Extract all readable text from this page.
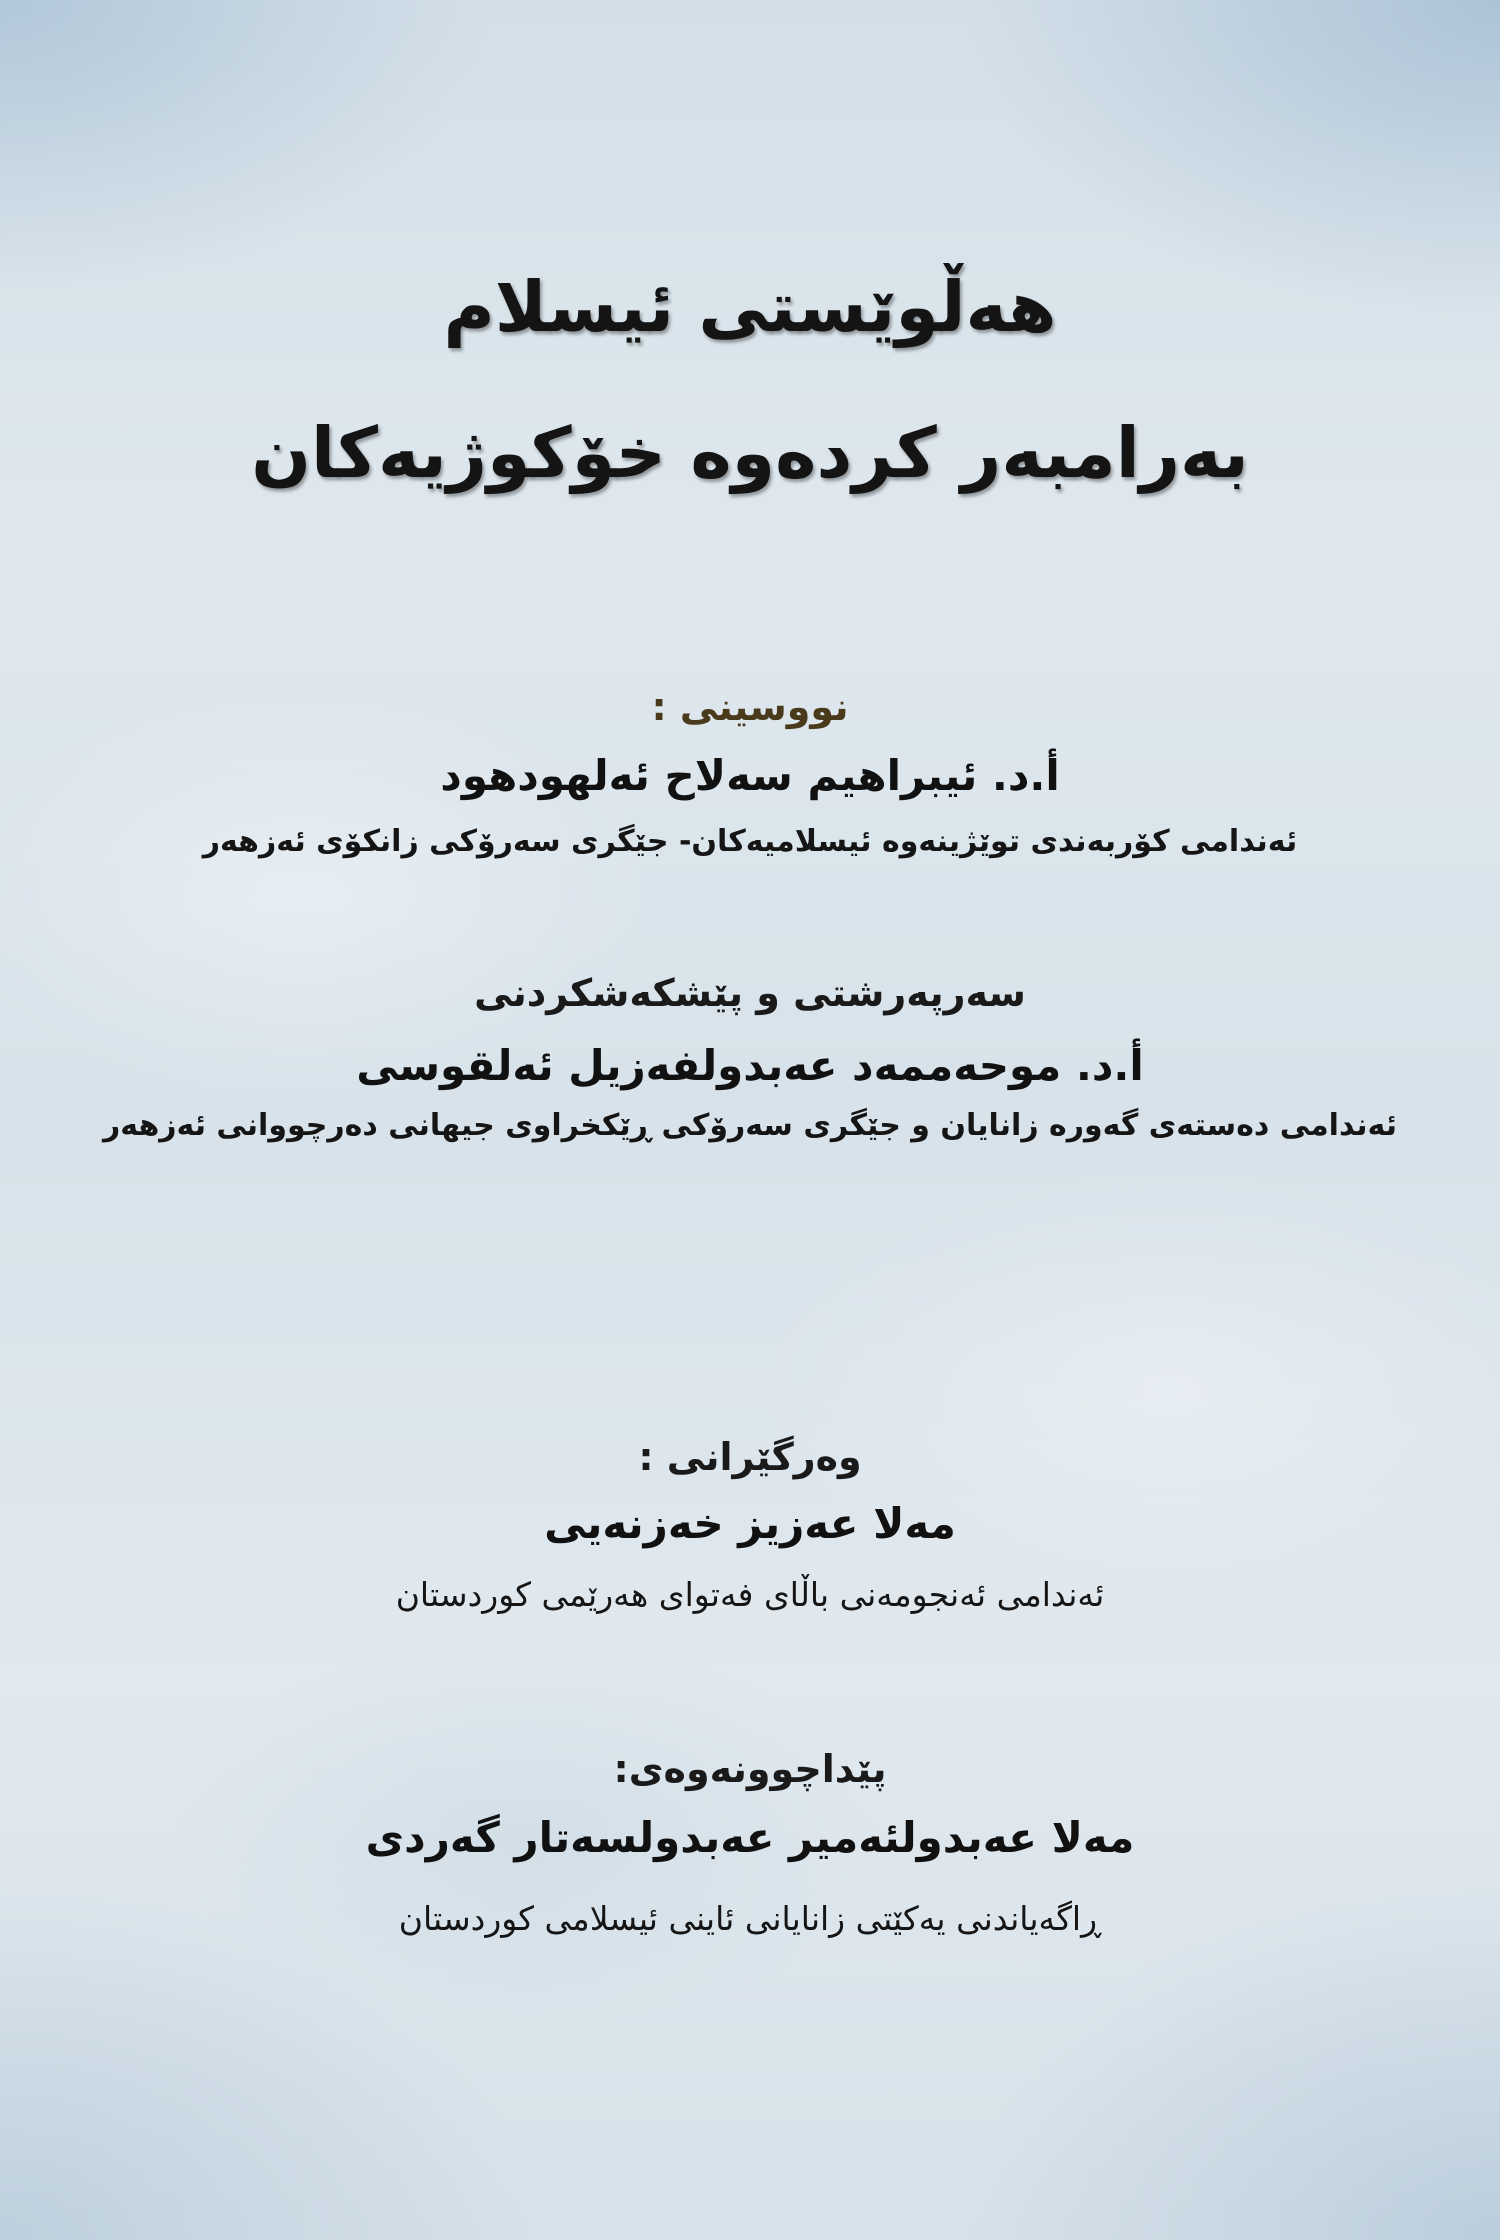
هەڵوێستی ئیسلام
بەرامبەر کردەوە خۆکوژیەکان
نووسینی :
أ.د. ئیبراهیم سەلاح ئەلهودهود
ئەندامی کۆربەندی توێژینەوە ئیسلامیەکان- جێگری سەرۆکی زانکۆی ئەزهەر
سەرپەرشتی و پێشکەشکردنی
أ.د. موحەممەد عەبدولفەزیل ئەلقوسی
ئەندامی دەستەی گەورە زانایان و جێگری سەرۆکی ڕێکخراوی جیهانی دەرچووانی ئەزهەر
وەرگێرانی :
مەلا عەزیز خەزنەیی
ئەندامی ئەنجومەنی باڵای فەتوای هەرێمی کوردستان
پێداچوونەوەی:
مەلا عەبدولئەمیر عەبدولسەتار گەردی
ڕاگەیاندنی یەکێتی زانایانی ئاینی ئیسلامی کوردستان
